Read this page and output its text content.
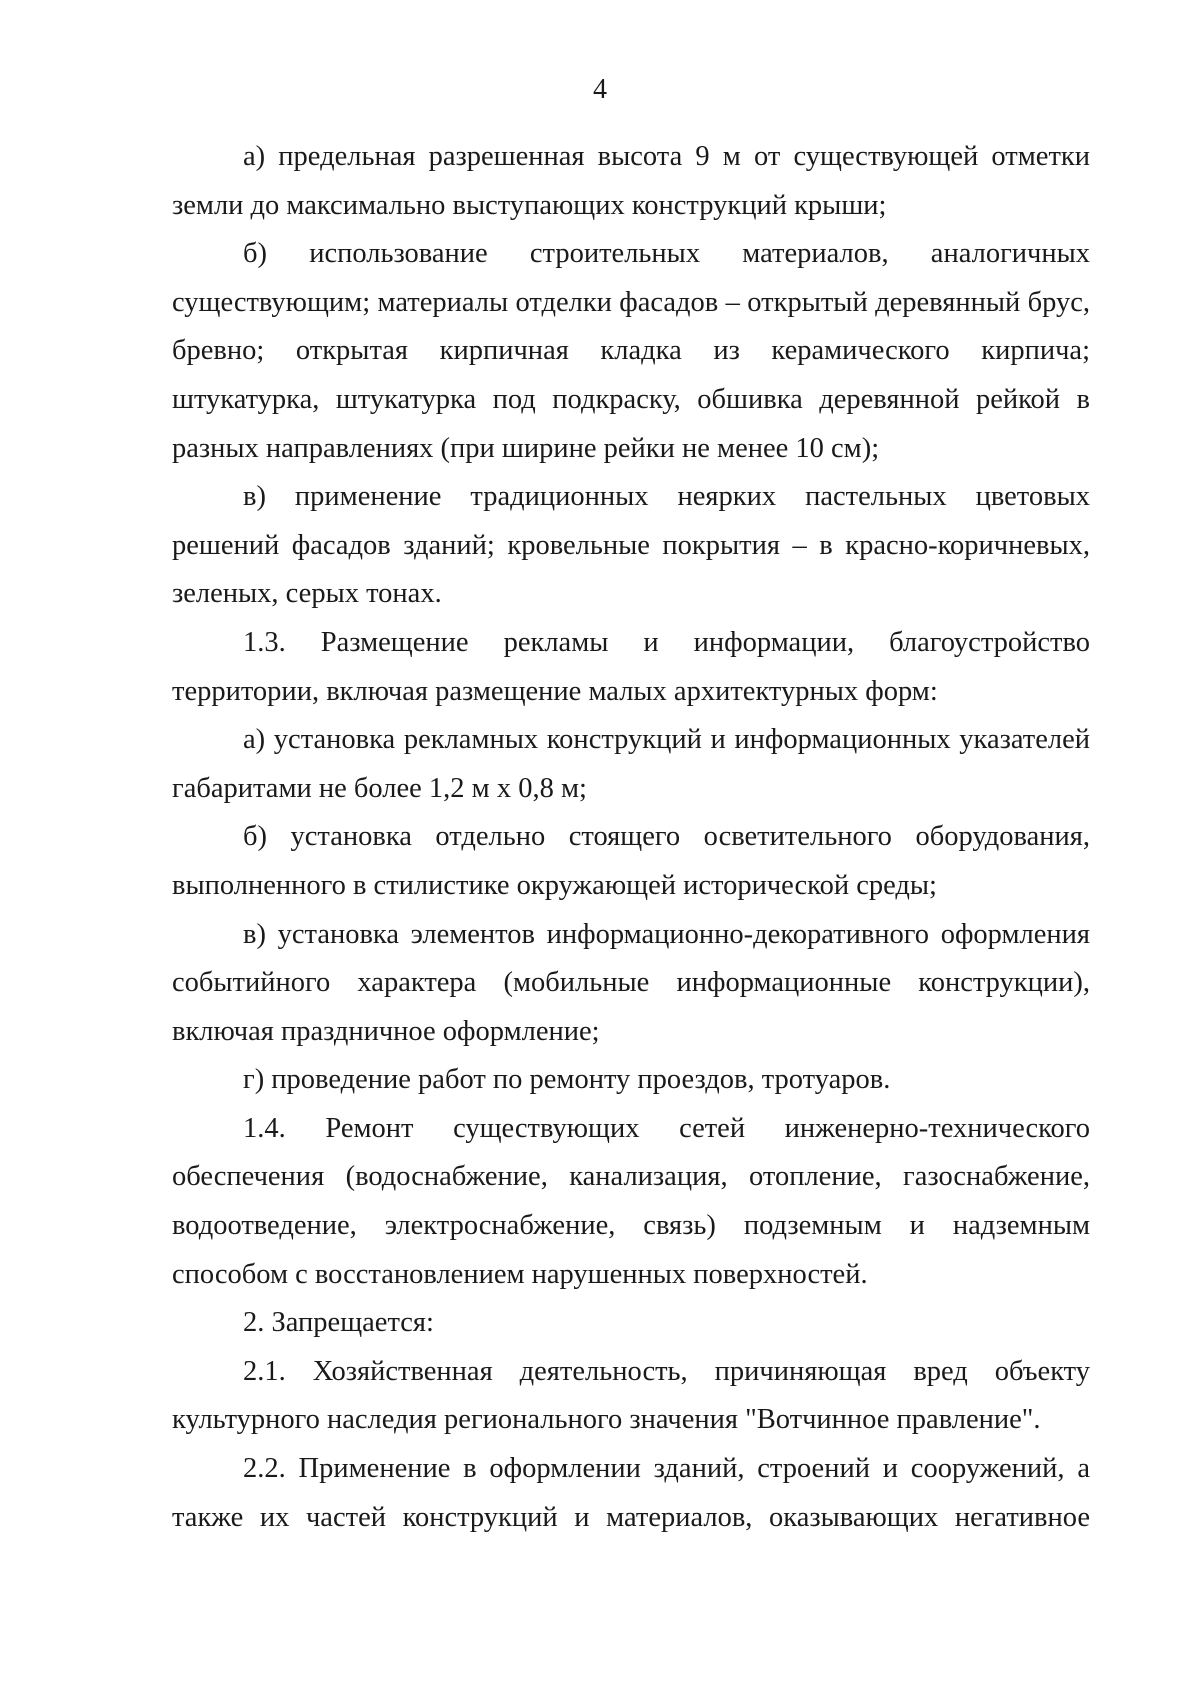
4

а) предельная разрешенная высота 9 м от существующей отметки земли до максимально выступающих конструкций крыши;

б) использование строительных материалов, аналогичных существующим; материалы отделки фасадов – открытый деревянный брус, бревно; открытая кирпичная кладка из керамического кирпича; штукатурка, штукатурка под подкраску, обшивка деревянной рейкой в разных направлениях (при ширине рейки не менее 10 см);

в) применение традиционных неярких пастельных цветовых решений фасадов зданий; кровельные покрытия – в красно-коричневых, зеленых, серых тонах.

1.3. Размещение рекламы и информации, благоустройство территории, включая размещение малых архитектурных форм:

а) установка рекламных конструкций и информационных указателей габаритами не более 1,2 м х 0,8 м;

б) установка отдельно стоящего осветительного оборудования, выполненного в стилистике окружающей исторической среды;

в) установка элементов информационно-декоративного оформления событийного характера (мобильные информационные конструкции), включая праздничное оформление;

г) проведение работ по ремонту проездов, тротуаров.

1.4. Ремонт существующих сетей инженерно-технического обеспечения (водоснабжение, канализация, отопление, газоснабжение, водоотведение, электроснабжение, связь) подземным и надземным способом с восстановлением нарушенных поверхностей.

2. Запрещается:

2.1. Хозяйственная деятельность, причиняющая вред объекту культурного наследия регионального значения "Вотчинное правление".

2.2. Применение в оформлении зданий, строений и сооружений, а также их частей конструкций и материалов, оказывающих негативное
